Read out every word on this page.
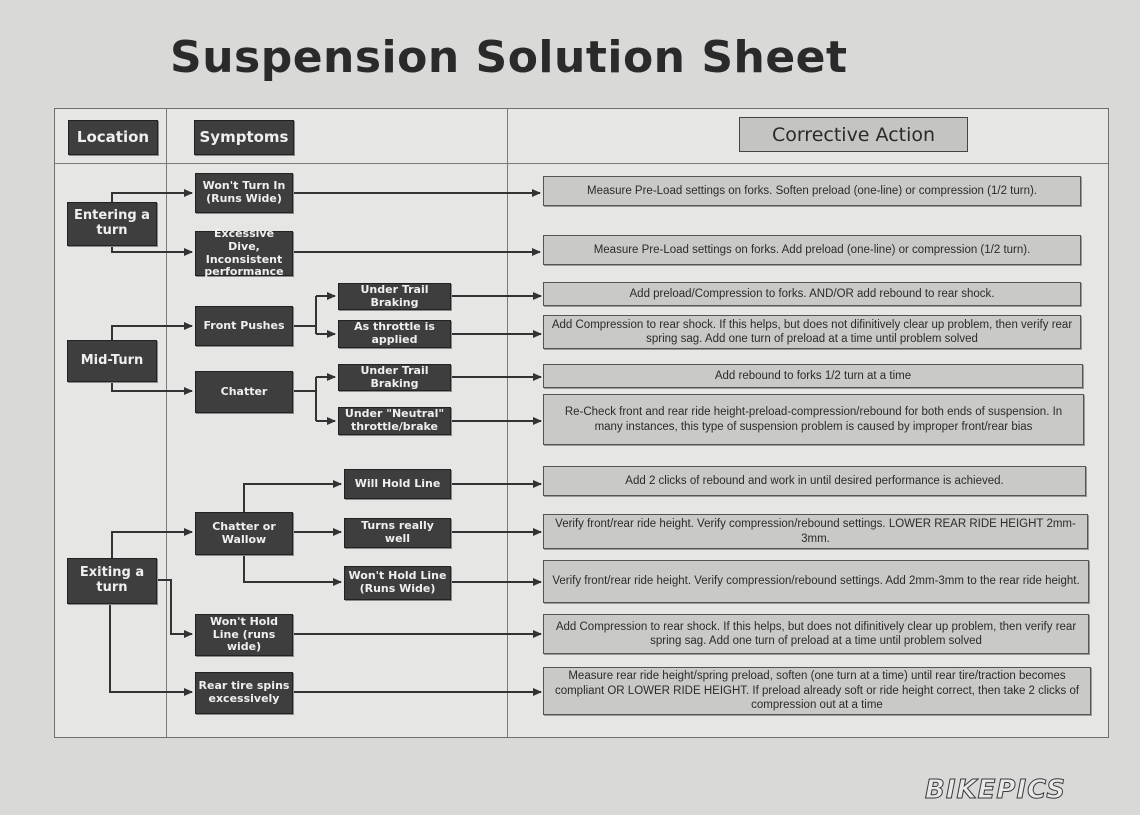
Suspension Solution Sheet
Location	Symptoms	Corrective Action
Entering a turn
Mid-Turn
Exiting a turn
Won't Turn In (Runs Wide)
Excessive Dive, Inconsistent performance
Front Pushes
Chatter
Chatter or Wallow
Won't Hold Line (runs wide)
Rear tire spins excessively
Under Trail Braking
As throttle is applied
Under Trail Braking
Under "Neutral" throttle/brake
Will Hold Line
Turns really well
Won't Hold Line (Runs Wide)
Measure Pre-Load settings on forks. Soften preload (one-line) or compression (1/2 turn).
Measure Pre-Load settings on forks. Add preload (one-line) or compression (1/2 turn).
Add preload/Compression to forks. AND/OR add rebound to rear shock.
Add Compression to rear shock. If this helps, but does not difinitively clear up problem, then verify rear spring sag. Add one turn of preload at a time until problem solved
Add rebound to forks 1/2 turn at a time
Re-Check front and rear ride height-preload-compression/rebound for both ends of suspension. In many instances, this type of suspension problem is caused by improper front/rear bias
Add 2 clicks of rebound and work in until desired performance is achieved.
Verify front/rear ride height. Verify compression/rebound settings. LOWER REAR RIDE HEIGHT 2mm-3mm.
Verify front/rear ride height. Verify compression/rebound settings. Add 2mm-3mm to the rear ride height.
Add Compression to rear shock. If this helps, but does not difinitively clear up problem, then verify rear spring sag. Add one turn of preload at a time until problem solved
Measure rear ride height/spring preload, soften (one turn at a time) until rear tire/traction becomes compliant OR LOWER RIDE HEIGHT. If preload already soft or ride height correct, then take 2 clicks of compression out at a time
BIKEPICS
